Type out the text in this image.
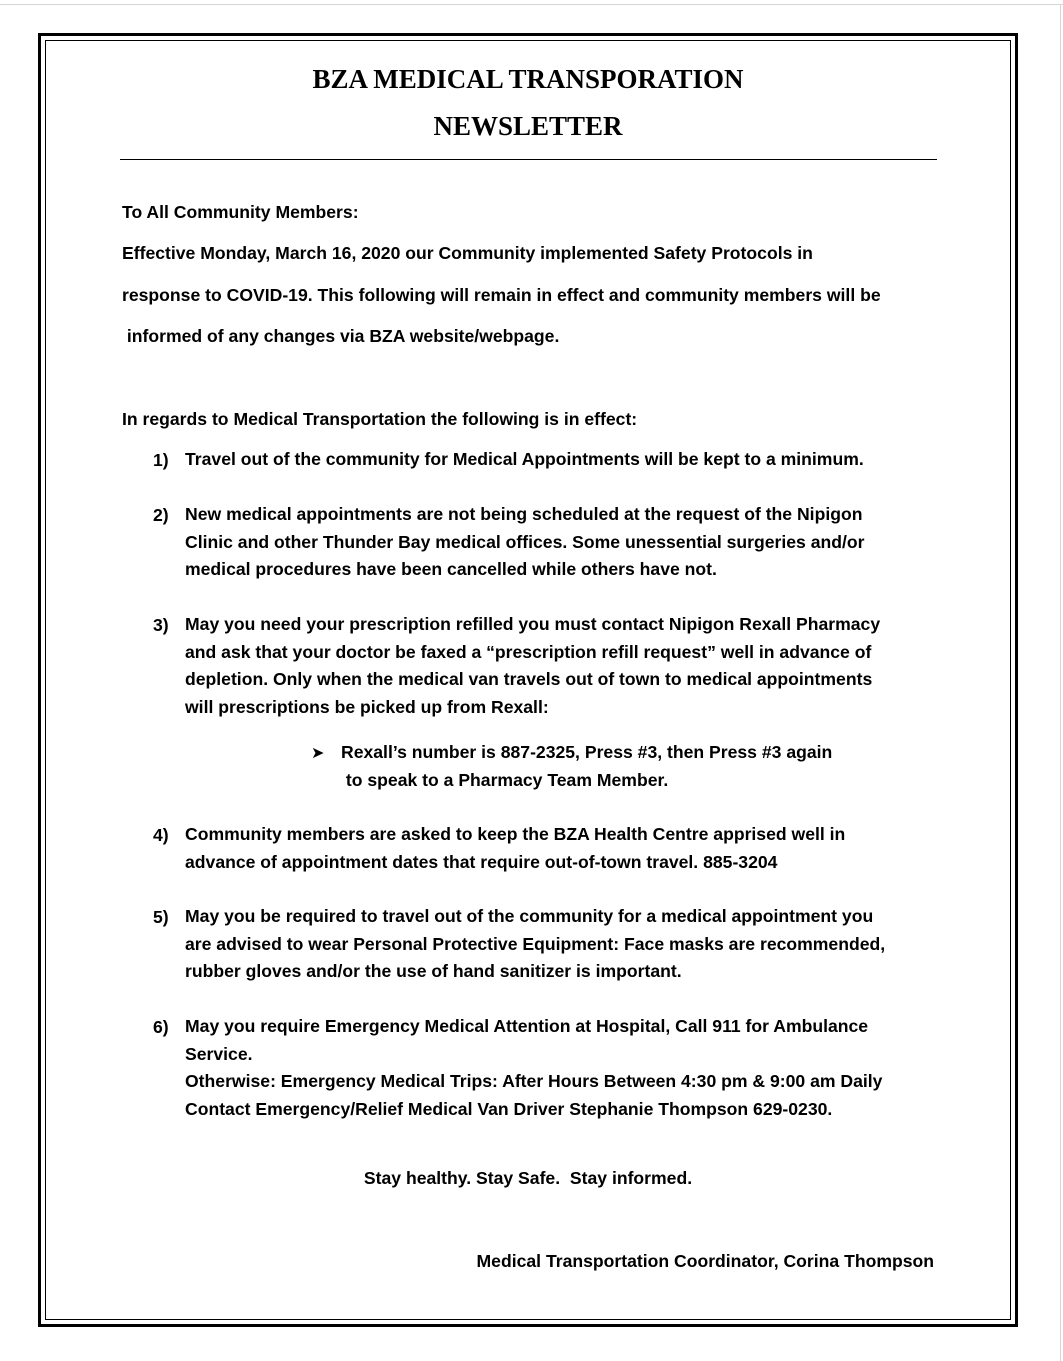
BZA MEDICAL TRANSPORATION
NEWSLETTER
To All Community Members:
Effective Monday, March 16, 2020 our Community implemented Safety Protocols in
response to COVID-19. This following will remain in effect and community members will be
informed of any changes via BZA website/webpage.
In regards to Medical Transportation the following is in effect:
1) Travel out of the community for Medical Appointments will be kept to a minimum.
2) New medical appointments are not being scheduled at the request of the Nipigon
Clinic and other Thunder Bay medical offices. Some unessential surgeries and/or
medical procedures have been cancelled while others have not.
3) May you need your prescription refilled you must contact Nipigon Rexall Pharmacy
and ask that your doctor be faxed a “prescription refill request” well in advance of
depletion. Only when the medical van travels out of town to medical appointments
will prescriptions be picked up from Rexall:
➤ Rexall’s number is 887-2325, Press #3, then Press #3 again
to speak to a Pharmacy Team Member.
4) Community members are asked to keep the BZA Health Centre apprised well in
advance of appointment dates that require out-of-town travel. 885-3204
5) May you be required to travel out of the community for a medical appointment you
are advised to wear Personal Protective Equipment: Face masks are recommended,
rubber gloves and/or the use of hand sanitizer is important.
6) May you require Emergency Medical Attention at Hospital, Call 911 for Ambulance
Service.
Otherwise: Emergency Medical Trips: After Hours Between 4:30 pm & 9:00 am Daily
Contact Emergency/Relief Medical Van Driver Stephanie Thompson 629-0230.
Stay healthy. Stay Safe.  Stay informed.
Medical Transportation Coordinator, Corina Thompson
